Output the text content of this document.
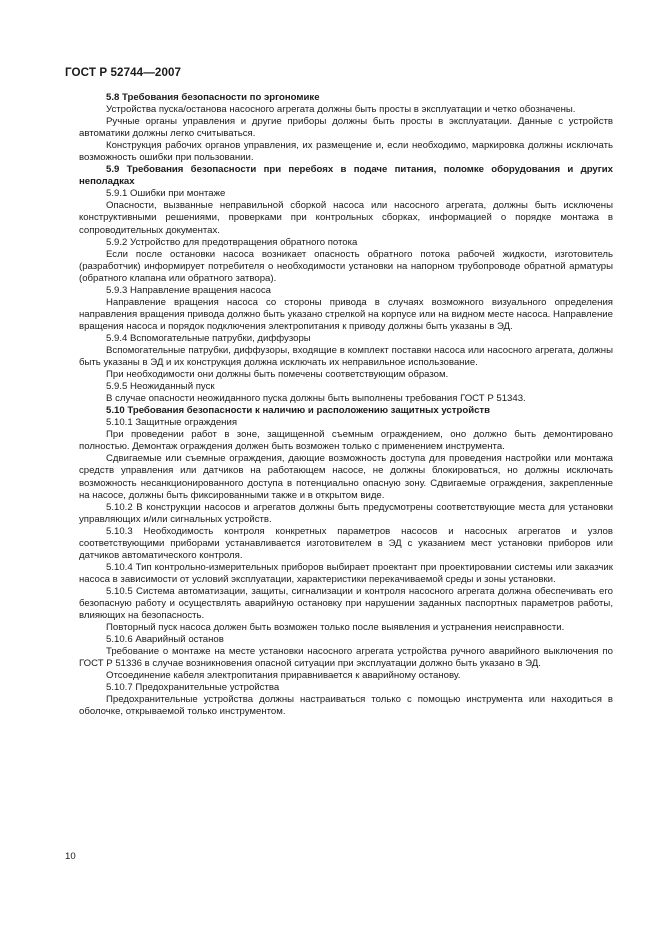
ГОСТ Р 52744—2007

5.8 Требования безопасности по эргономике

Устройства пуска/останова насосного агрегата должны быть просты в эксплуатации и четко обозначены.

Ручные органы управления и другие приборы должны быть просты в эксплуатации. Данные с устройств автоматики должны легко считываться.

Конструкция рабочих органов управления, их размещение и, если необходимо, маркировка должны исключать возможность ошибки при пользовании.

5.9 Требования безопасности при перебоях в подаче питания, поломке оборудования и других неполадках

5.9.1 Ошибки при монтаже

Опасности, вызванные неправильной сборкой насоса или насосного агрегата, должны быть исключены конструктивными решениями, проверками при контрольных сборках, информацией о порядке монтажа в сопроводительных документах.

5.9.2 Устройство для предотвращения обратного потока

Если после остановки насоса возникает опасность обратного потока рабочей жидкости, изготовитель (разработчик) информирует потребителя о необходимости установки на напорном трубопроводе обратной арматуры (обратного клапана или обратного затвора).

5.9.3 Направление вращения насоса

Направление вращения насоса со стороны привода в случаях возможного визуального определения направления вращения привода должно быть указано стрелкой на корпусе или на видном месте насоса. Направление вращения насоса и порядок подключения электропитания к приводу должны быть указаны в ЭД.

5.9.4 Вспомогательные патрубки, диффузоры

Вспомогательные патрубки, диффузоры, входящие в комплект поставки насоса или насосного агрегата, должны быть указаны в ЭД и их конструкция должна исключать их неправильное использование.

При необходимости они должны быть помечены соответствующим образом.

5.9.5 Неожиданный пуск

В случае опасности неожиданного пуска должны быть выполнены требования ГОСТ Р 51343.

5.10 Требования безопасности к наличию и расположению защитных устройств

5.10.1 Защитные ограждения

При проведении работ в зоне, защищенной съемным ограждением, оно должно быть демонтировано полностью. Демонтаж ограждения должен быть возможен только с применением инструмента.

Сдвигаемые или съемные ограждения, дающие возможность доступа для проведения настройки или монтажа средств управления или датчиков на работающем насосе, не должны блокироваться, но должны исключать возможность несанкционированного доступа в потенциально опасную зону. Сдвигаемые ограждения, закрепленные на насосе, должны быть фиксированными также и в открытом виде.

5.10.2 В конструкции насосов и агрегатов должны быть предусмотрены соответствующие места для установки управляющих и/или сигнальных устройств.

5.10.3 Необходимость контроля конкретных параметров насосов и насосных агрегатов и узлов соответствующими приборами устанавливается изготовителем в ЭД с указанием мест установки приборов или датчиков автоматического контроля.

5.10.4 Тип контрольно-измерительных приборов выбирает проектант при проектировании системы или заказчик насоса в зависимости от условий эксплуатации, характеристики перекачиваемой среды и зоны установки.

5.10.5 Система автоматизации, защиты, сигнализации и контроля насосного агрегата должна обеспечивать его безопасную работу и осуществлять аварийную остановку при нарушении заданных паспортных параметров работы, влияющих на безопасность.

Повторный пуск насоса должен быть возможен только после выявления и устранения неисправности.

5.10.6 Аварийный останов

Требование о монтаже на месте установки насосного агрегата устройства ручного аварийного выключения по ГОСТ Р 51336 в случае возникновения опасной ситуации при эксплуатации должно быть указано в ЭД.

Отсоединение кабеля электропитания приравнивается к аварийному останову.

5.10.7 Предохранительные устройства

Предохранительные устройства должны настраиваться только с помощью инструмента или находиться в оболочке, открываемой только инструментом.

10
